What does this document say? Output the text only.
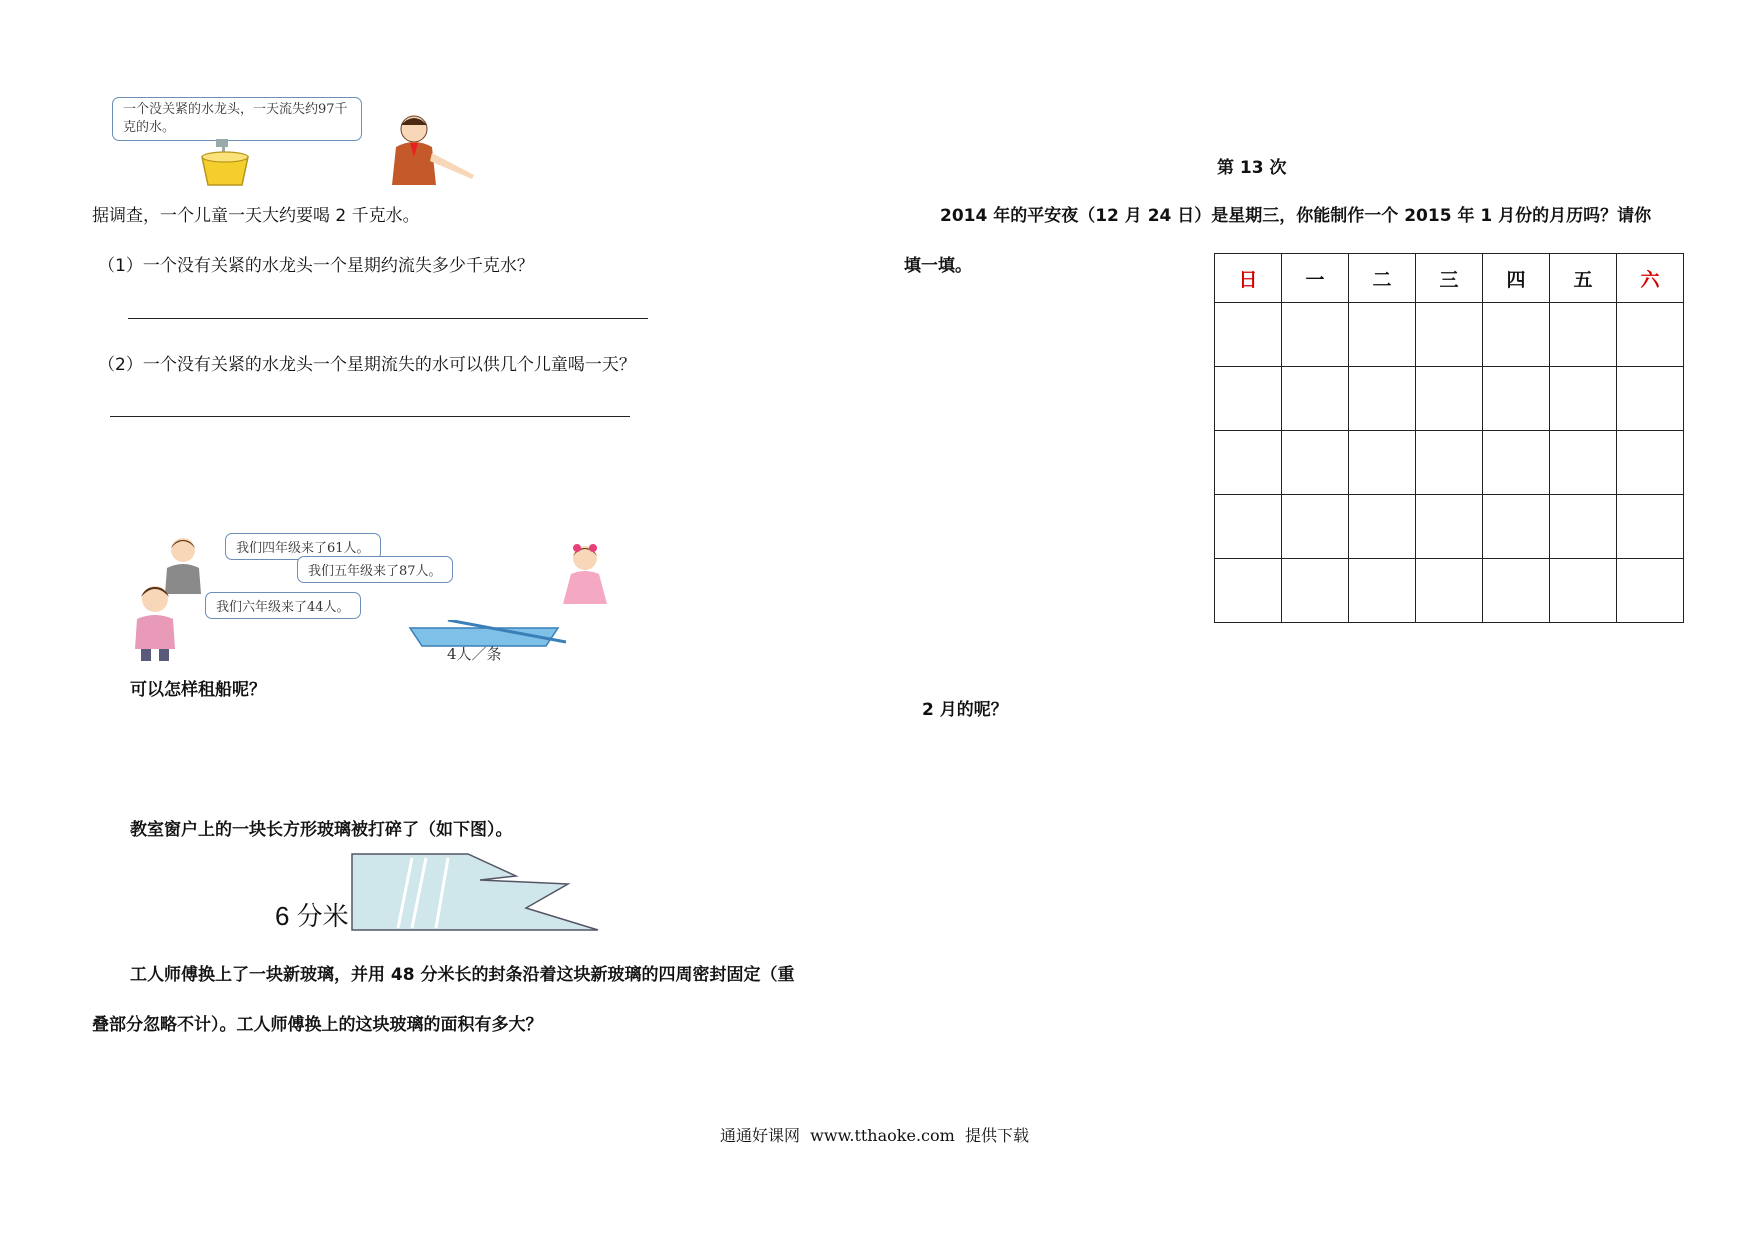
一个没关紧的水龙头，一天流失约97千克的水。
据调查，一个儿童一天大约要喝 2 千克水。
（1）一个没有关紧的水龙头一个星期约流失多少千克水？
（2）一个没有关紧的水龙头一个星期流失的水可以供几个儿童喝一天？
我们四年级来了61人。
我们五年级来了87人。
我们六年级来了44人。
4人／条
可以怎样租船呢？
教室窗户上的一块长方形玻璃被打碎了（如下图）。
6 分米
工人师傅换上了一块新玻璃，并用 48 分米长的封条沿着这块新玻璃的四周密封固定（重
叠部分忽略不计）。工人师傅换上的这块玻璃的面积有多大？
第 13 次
2014 年的平安夜（12 月 24 日）是星期三，你能制作一个 2015 年 1 月份的月历吗？请你
填一填。
日	一	二	三	四	五	六

2 月的呢？
通通好课网  www.tthaoke.com  提供下载
